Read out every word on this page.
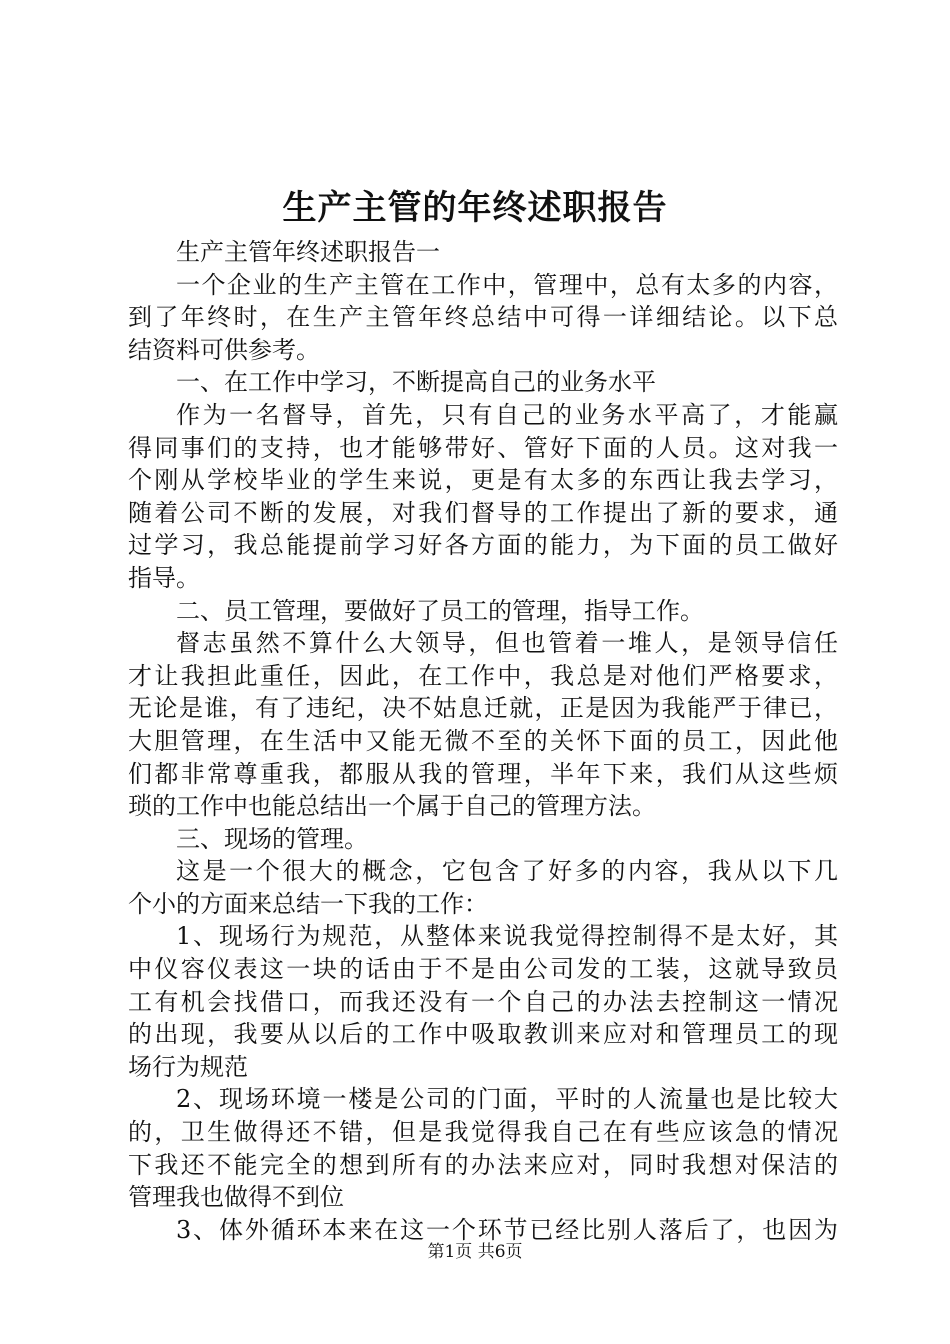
生产主管的年终述职报告
生产主管年终述职报告一
一个企业的生产主管在工作中，管理中，总有太多的内容，
到了年终时，在生产主管年终总结中可得一详细结论。以下总
结资料可供参考。
一、在工作中学习，不断提高自己的业务水平
作为一名督导，首先，只有自己的业务水平高了，才能赢
得同事们的支持，也才能够带好、管好下面的人员。这对我一
个刚从学校毕业的学生来说，更是有太多的东西让我去学习，
随着公司不断的发展，对我们督导的工作提出了新的要求，通
过学习，我总能提前学习好各方面的能力，为下面的员工做好
指导。
二、员工管理，要做好了员工的管理，指导工作。
督志虽然不算什么大领导，但也管着一堆人，是领导信任
才让我担此重任，因此，在工作中，我总是对他们严格要求，
无论是谁，有了违纪，决不姑息迁就，正是因为我能严于律已，
大胆管理，在生活中又能无微不至的关怀下面的员工，因此他
们都非常尊重我，都服从我的管理，半年下来，我们从这些烦
琐的工作中也能总结出一个属于自己的管理方法。
三、现场的管理。
这是一个很大的概念，它包含了好多的内容，我从以下几
个小的方面来总结一下我的工作：
1、现场行为规范，从整体来说我觉得控制得不是太好，其
中仪容仪表这一块的话由于不是由公司发的工装，这就导致员
工有机会找借口，而我还没有一个自己的办法去控制这一情况
的出现，我要从以后的工作中吸取教训来应对和管理员工的现
场行为规范
2、现场环境一楼是公司的门面，平时的人流量也是比较大
的，卫生做得还不错，但是我觉得我自己在有些应该急的情况
下我还不能完全的想到所有的办法来应对，同时我想对保洁的
管理我也做得不到位
3、体外循环本来在这一个环节已经比别人落后了，也因为
第1页 共6页
